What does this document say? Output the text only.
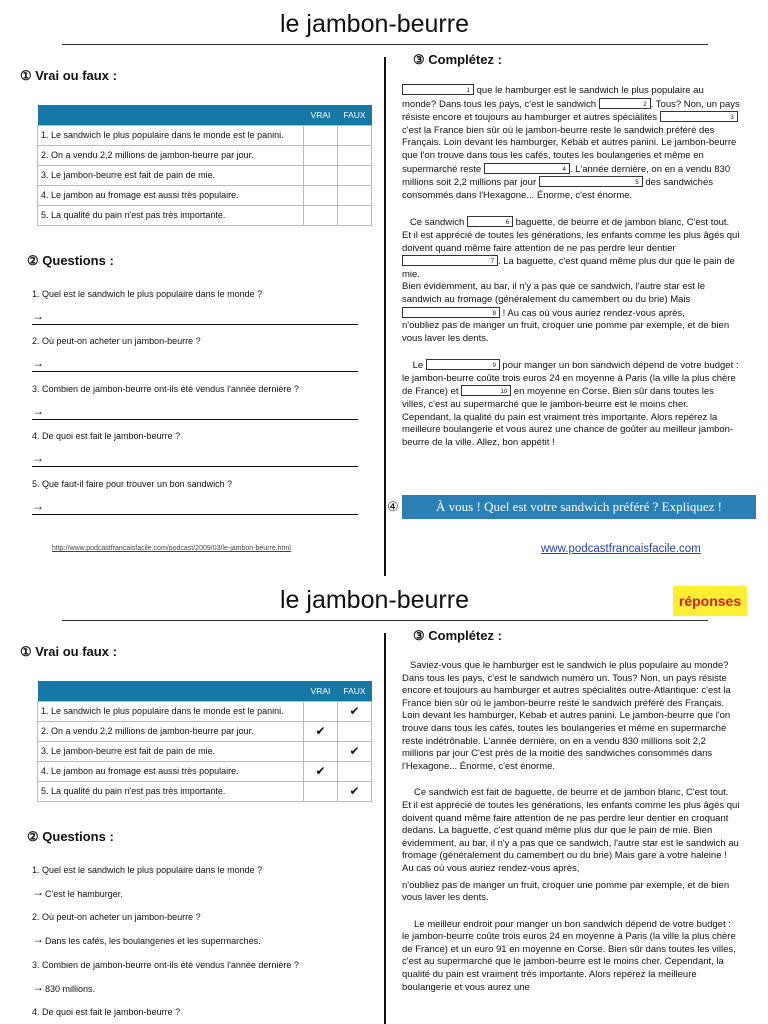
le jambon-beurre
① Vrai ou faux :
	VRAI	FAUX
1. Le sandwich le plus populaire dans le monde est le panini.		
2. On a vendu 2,2 millions de jambon-beurre par jour.		
3. Le jambon-beurre est fait de pain de mie.		
4. Le jambon au fromage est aussi très populaire.		
5. La qualité du pain n'est pas très importante.		
② Questions :
1. Quel est le sandwich le plus populaire dans le monde ?
→
2. Où peut-on acheter un jambon-beurre ?
→
3. Combien de jambon-beurre ont-ils été vendus l'année dernière ?
→
4. De quoi est fait le jambon-beurre ?
→
5. Que faut-il faire pour trouver un bon sandwich ?
→
③ Complétez :

1 que le hamburger est le sandwich le plus populaire au monde? Dans tous les pays, c'est le sandwich	2 . Tous? Non, un pays résiste encore et toujours au hamburger et autres spécialités	3
c'est la France bien sûr où le jambon-beurre reste le sandwich préféré des Français. Loin devant les hamburger, Kebab et autres panini. Le jambon-beurre que l'on trouve dans tous les cafés, toutes les boulangeries et même en supermarché reste	4 . L'année dernière, on en a vendu 830 millions soit 2,2 millions par jour	5 des sandwiches consommés dans l'Hexagone... Énorme, c'est énorme.

Ce sandwich	6 baguette, de beurre et de jambon blanc, C'est tout. Et il est apprécié de toutes les générations, les enfants comme les plus âgés qui doivent quand même faire attention de ne pas perdre leur dentier
7 . La baguette, c'est quand même plus dur que le pain de mie.
Bien évidemment, au bar, il n'y a pas que ce sandwich, l'autre star est le sandwich au fromage (généralement du camembert ou du brie) Mais
8 ! Au cas où vous auriez rendez-vous après,
n'oubliez pas de manger un fruit, croquer une pomme par exemple, et de bien vous laver les dents.

Le	9 pour manger un bon sandwich dépend de votre budget : le jambon-beurre coûte trois euros 24 en moyenne à Paris (la ville la plus chère de France) et	10 en moyenne en Corse. Bien sûr dans toutes les villes, c'est au supermarché que le jambon-beurre est le moins cher. Cependant, la qualité du pain est vraiment très importante. Alors repérez la meilleure boulangerie et vous aurez une chance de goûter au meilleur jambon-beurre de la ville. Allez, bon appétit !

④	À vous ! Quel est votre sandwich préféré ? Expliquez !
http://www.podcastfrancaisfacile.com/podcast/2009/03/le-jambon-beurre.html	www.podcastfrancaisfacile.com
le jambon-beurre	réponses
① Vrai ou faux :
	VRAI	FAUX
1. Le sandwich le plus populaire dans le monde est le panini.		✔
2. On a vendu 2,2 millions de jambon-beurre par jour.	✔	
3. Le jambon-beurre est fait de pain de mie.		✔
4. Le jambon au fromage est aussi très populaire.	✔	
5. La qualité du pain n'est pas très importante.		✔
② Questions :
1. Quel est le sandwich le plus populaire dans le monde ?
→ C'est le hamburger.
2. Où peut-on acheter un jambon-beurre ?
→ Dans les cafés, les boulangeries et les supermarchés.
3. Combien de jambon-beurre ont-ils été vendus l'année dernière ?
→ 830 millions.
4. De quoi est fait le jambon-beurre ?
③ Complétez :

Saviez-vous que le hamburger est le sandwich le plus populaire au monde? Dans tous les pays, c'est le sandwich numéro un. Tous? Non, un pays résiste encore et toujours au hamburger et autres spécialités outre-Atlantique: c'est la France bien sûr où le jambon-beurre reste le sandwich préféré des Français. Loin devant les hamburger, Kebab et autres panini. Le jambon-beurre que l'on trouve dans tous les cafés, toutes les boulangeries et même en supermarché reste indétrônable. L'année dernière, on en a vendu 830 millions soit 2,2 millions par jour C'est près de la moitié des sandwiches consommés dans l'Hexagone... Énorme, c'est énorme.

Ce sandwich est fait de baguette, de beurre et de jambon blanc, C'est tout. Et il est apprécié de toutes les générations, les enfants comme les plus âgés qui doivent quand même faire attention de ne pas perdre leur dentier en croquant dedans. La baguette, c'est quand même plus dur que le pain de mie. Bien évidemment, au bar, il n'y a pas que ce sandwich, l'autre star est le sandwich au fromage (généralement du camembert ou du brie) Mais gare à votre haleine ! Au cas où vous auriez rendez-vous après,

n'oubliez pas de manger un fruit, croquer une pomme par exemple, et de bien vous laver les dents.

Le meilleur endroit pour manger un bon sandwich dépend de votre budget : le jambon-beurre coûte trois euros 24 en moyenne à Paris (la ville la plus chère de France) et un euro 91 en moyenne en Corse. Bien sûr dans toutes les villes, c'est au supermarché que le jambon-beurre est le moins cher. Cependant, la qualité du pain est vraiment très importante. Alors repérez la meilleure boulangerie et vous aurez une
